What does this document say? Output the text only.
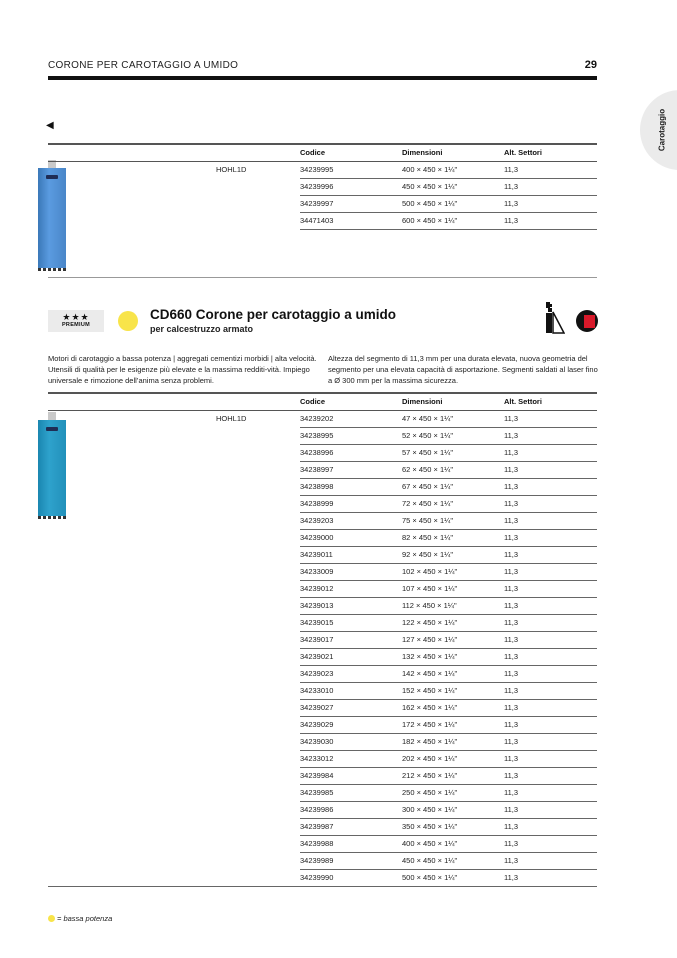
CORONE PER CAROTAGGIO A UMIDO	29
Carotaggio
◀
		Codice	Dimensioni	Alt. Settori
	HOHL1D	34239995	400 × 450 × 1¼"	11,3
		34239996	450 × 450 × 1¼"	11,3
		34239997	500 × 450 × 1¼"	11,3
		34471403	600 × 450 × 1¼"	11,3
★★★
PREMIUM
CD660 Corone per carotaggio a umido
per calcestruzzo armato
Motori di carotaggio a bassa potenza | aggregati cementizi morbidi | alta velocità. Utensili di qualità per le esigenze più elevate e la massima redditi-vità. Impiego universale e rimozione dell’anima senza problemi.
Altezza del segmento di 11,3 mm per una durata elevata, nuova geometria del segmento per una elevata capacità di asportazione. Segmenti saldati al laser fino a Ø 300 mm per la massima sicurezza.
		Codice	Dimensioni	Alt. Settori
	HOHL1D	34239202	47 × 450 × 1¼"	11,3
		34238995	52 × 450 × 1¼"	11,3
		34238996	57 × 450 × 1¼"	11,3
		34238997	62 × 450 × 1¼"	11,3
		34238998	67 × 450 × 1¼"	11,3
		34238999	72 × 450 × 1¼"	11,3
		34239203	75 × 450 × 1¼"	11,3
		34239000	82 × 450 × 1¼"	11,3
		34239011	92 × 450 × 1¼"	11,3
		34233009	102 × 450 × 1¼"	11,3
		34239012	107 × 450 × 1¼"	11,3
		34239013	112 × 450 × 1¼"	11,3
		34239015	122 × 450 × 1¼"	11,3
		34239017	127 × 450 × 1¼"	11,3
		34239021	132 × 450 × 1¼"	11,3
		34239023	142 × 450 × 1¼"	11,3
		34233010	152 × 450 × 1¼"	11,3
		34239027	162 × 450 × 1¼"	11,3
		34239029	172 × 450 × 1¼"	11,3
		34239030	182 × 450 × 1¼"	11,3
		34233012	202 × 450 × 1¼"	11,3
		34239984	212 × 450 × 1¼"	11,3
		34239985	250 × 450 × 1¼"	11,3
		34239986	300 × 450 × 1¼"	11,3
		34239987	350 × 450 × 1¼"	11,3
		34239988	400 × 450 × 1¼"	11,3
		34239989	450 × 450 × 1¼"	11,3
		34239990	500 × 450 × 1¼"	11,3
= bassa potenza
